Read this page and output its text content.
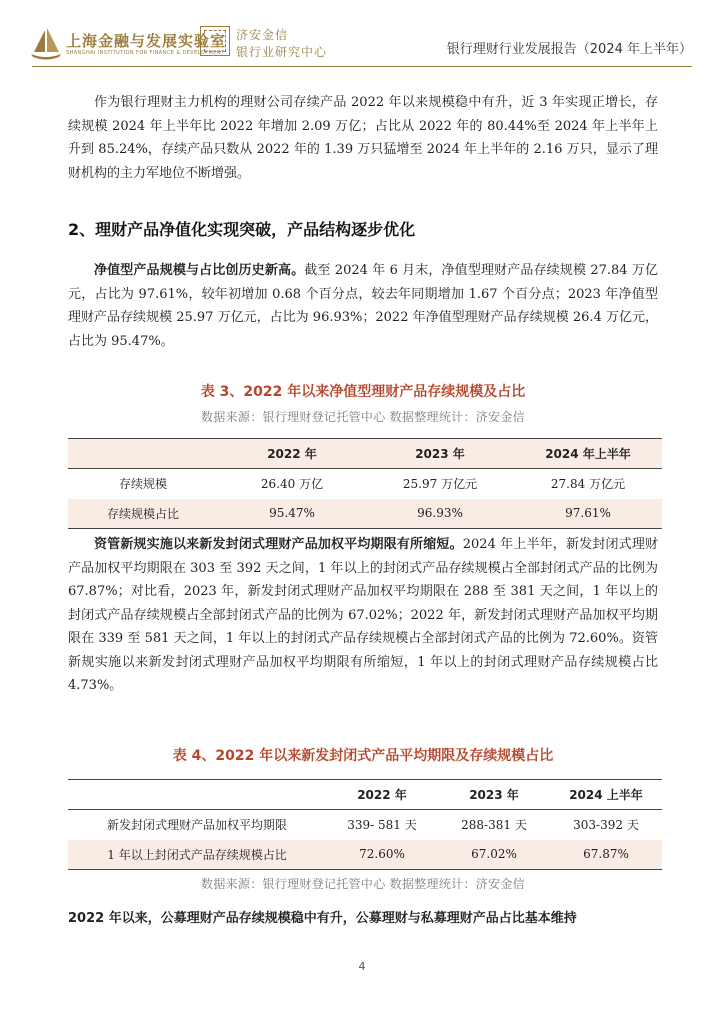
上海金融与发展实验室
SHANGHAI INSTITUTION FOR FINANCE & DEVELOPMENT
济安金信
银行业研究中心	银行理财行业发展报告（2024 年上半年）
作为银行理财主力机构的理财公司存续产品 2022 年以来规模稳中有升，近 3 年实现正增长，存续规模 2024 年上半年比 2022 年增加 2.09 万亿；占比从 2022 年的 80.44%至 2024 年上半年上升到 85.24%，存续产品只数从 2022 年的 1.39 万只猛增至 2024 年上半年的 2.16 万只，显示了理财机构的主力军地位不断增强。
2、理财产品净值化实现突破，产品结构逐步优化
净值型产品规模与占比创历史新高。截至 2024 年 6 月末，净值型理财产品存续规模 27.84 万亿元，占比为 97.61%，较年初增加 0.68 个百分点，较去年同期增加 1.67 个百分点；2023 年净值型理财产品存续规模 25.97 万亿元，占比为 96.93%；2022 年净值型理财产品存续规模 26.4 万亿元，占比为 95.47%。
表 3、2022 年以来净值型理财产品存续规模及占比
数据来源：银行理财登记托管中心 数据整理统计：济安金信
	2022 年	2023 年	2024 年上半年
存续规模	26.40 万亿	25.97 万亿元	27.84 万亿元
存续规模占比	95.47%	96.93%	97.61%
资管新规实施以来新发封闭式理财产品加权平均期限有所缩短。2024 年上半年，新发封闭式理财产品加权平均期限在 303 至 392 天之间，1 年以上的封闭式产品存续规模占全部封闭式产品的比例为 67.87%；对比看，2023 年，新发封闭式理财产品加权平均期限在 288 至 381 天之间，1 年以上的封闭式产品存续规模占全部封闭式产品的比例为 67.02%；2022 年，新发封闭式理财产品加权平均期限在 339 至 581 天之间，1 年以上的封闭式产品存续规模占全部封闭式产品的比例为 72.60%。资管新规实施以来新发封闭式理财产品加权平均期限有所缩短，1 年以上的封闭式理财产品存续规模占比 4.73%。
表 4、2022 年以来新发封闭式产品平均期限及存续规模占比
	2022 年	2023 年	2024 上半年
新发封闭式理财产品加权平均期限	339- 581 天	288-381 天	303-392 天
1 年以上封闭式产品存续规模占比	72.60%	67.02%	67.87%
数据来源：银行理财登记托管中心 数据整理统计：济安金信
2022 年以来，公募理财产品存续规模稳中有升，公募理财与私募理财产品占比基本维持
4
